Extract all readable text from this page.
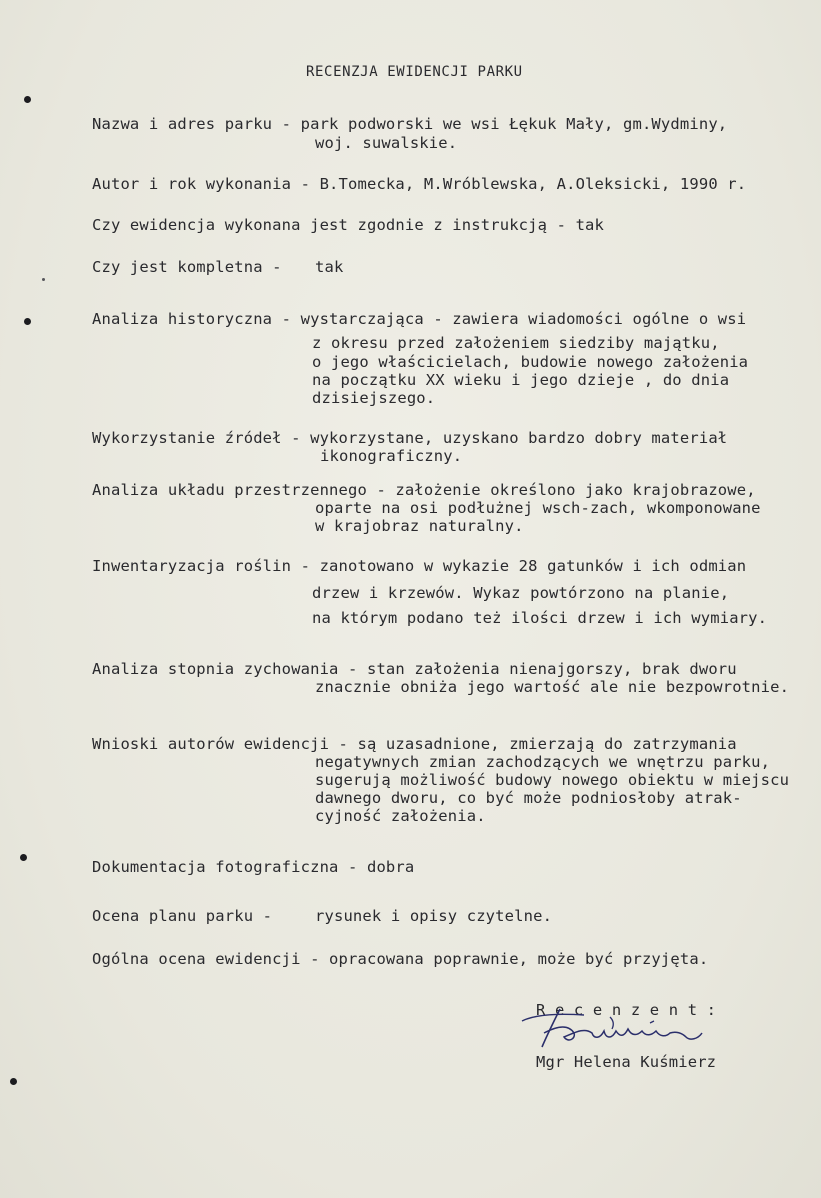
RECENZJA EWIDENCJI PARKU
Nazwa i adres parku - park podworski we wsi Łękuk Mały, gm.Wydminy,
woj. suwalskie.
Autor i rok wykonania - B.Tomecka, M.Wróblewska, A.Oleksicki, 1990 r.
Czy ewidencja wykonana jest zgodnie z instrukcją - tak
Czy jest kompletna - tak
Analiza historyczna - wystarczająca - zawiera wiadomości ogólne o wsi
z okresu przed założeniem siedziby majątku,
o jego właścicielach, budowie nowego założenia
na początku XX wieku i jego dzieje , do dnia
dzisiejszego.
Wykorzystanie źródeł - wykorzystane, uzyskano bardzo dobry materiał
ikonograficzny.
Analiza układu przestrzennego - założenie określono jako krajobrazowe,
oparte na osi podłużnej wsch-zach, wkomponowane
w krajobraz naturalny.
Inwentaryzacja roślin - zanotowano w wykazie 28 gatunków i ich odmian
drzew i krzewów. Wykaz powtórzono na planie,
na którym podano też ilości drzew i ich wymiary.
Analiza stopnia zychowania - stan założenia nienajgorszy, brak dworu
znacznie obniża jego wartość ale nie bezpowrotnie.
Wnioski autorów ewidencji - są uzasadnione, zmierzają do zatrzymania
negatywnych zmian zachodzących we wnętrzu parku,
sugerują możliwość budowy nowego obiektu w miejscu
dawnego dworu, co być może podniosłoby atrak-
cyjność założenia.
Dokumentacja fotograficzna - dobra
Ocena planu parku -	rysunek i opisy czytelne.
Ogólna ocena ewidencji - opracowana poprawnie, może być przyjęta.
R e c e n z e n t :
Mgr Helena Kuśmierz
